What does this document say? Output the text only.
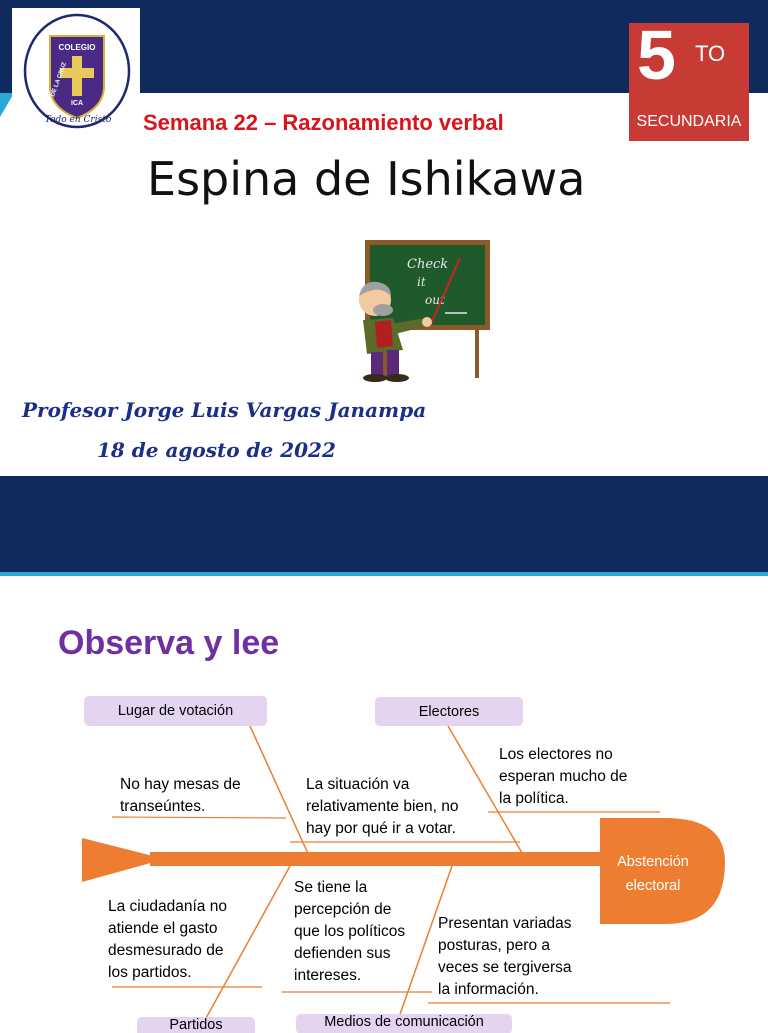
COLEGIO
DE LA CRUZ
ICA
Todo en Cristo Semana 22 – Razonamiento verbal
Espina de Ishikawa
5 TO
SECUNDARIA
Check
it
out
Profesor Jorge Luis Vargas Janampa
18 de agosto de 2022
Observa y lee
Abstención
electoral
Lugar de votación	Electores
Partidos	Medios de comunicación
No hay mesas de
transeúntes.
La situación va
relativamente bien, no
hay por qué ir a votar.
Los electores no
esperan mucho de
la política.
La ciudadanía no
atiende el gasto
desmesurado de
los partidos.
Se tiene la
percepción de
que los políticos
defienden sus
intereses.
Presentan variadas
posturas, pero a
veces se tergiversa
la información.
